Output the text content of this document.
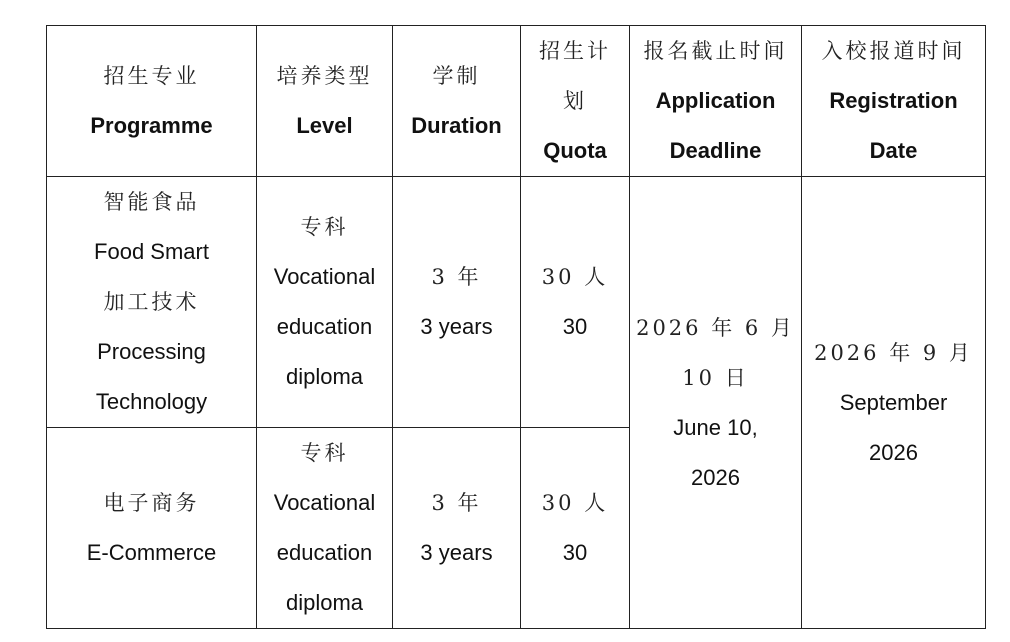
招生专业
Programme	培养类型
Level	学制
Duration	招生计
划
Quota	报名截止时间
Application
Deadline	入校报道时间
Registration
Date

智能食品
Food Smart
加工技术
Processing
Technology	专科
Vocational
education
diploma	3 年
3 years	30 人
30	2026 年 6 月
10 日
June 10,
2026	2026 年 9 月
September
2026

电子商务
E-Commerce	专科
Vocational
education
diploma	3 年
3 years	30 人
30		
